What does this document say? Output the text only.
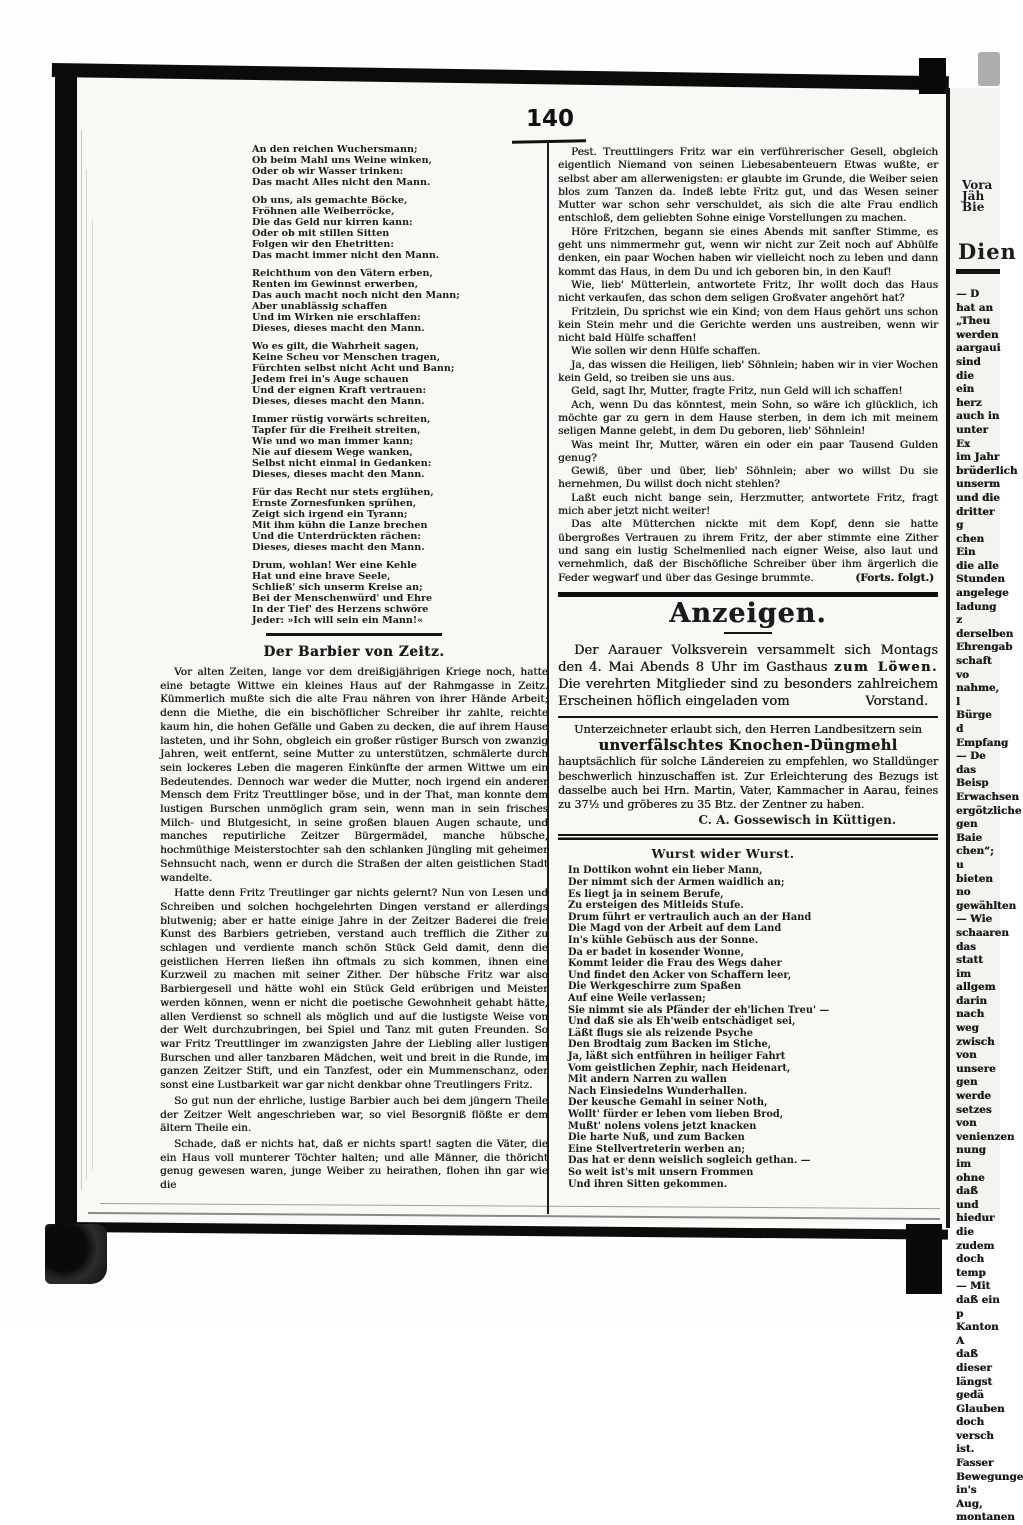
140
An den reichen Wuchersmann;
Ob beim Mahl uns Weine winken,
Oder ob wir Wasser trinken:
Das macht Alles nicht den Mann.
Ob uns, als gemachte Böcke,
Fröhnen alle Weiberröcke,
Die das Geld nur kirren kann:
Oder ob mit stillen Sitten
Folgen wir den Ehetritten:
Das macht immer nicht den Mann.
Reichthum von den Vätern erben,
Renten im Gewinnst erwerben,
Das auch macht noch nicht den Mann;
Aber unablässig schaffen
Und im Wirken nie erschlaffen:
Dieses, dieses macht den Mann.
Wo es gilt, die Wahrheit sagen,
Keine Scheu vor Menschen tragen,
Fürchten selbst nicht Acht und Bann;
Jedem frei in's Auge schauen
Und der eignen Kraft vertrauen:
Dieses, dieses macht den Mann.
Immer rüstig vorwärts schreiten,
Tapfer für die Freiheit streiten,
Wie und wo man immer kann;
Nie auf diesem Wege wanken,
Selbst nicht einmal in Gedanken:
Dieses, dieses macht den Mann.
Für das Recht nur stets erglühen,
Ernste Zornesfunken sprühen,
Zeigt sich irgend ein Tyrann;
Mit ihm kühn die Lanze brechen
Und die Unterdrückten rächen:
Dieses, dieses macht den Mann.
Drum, wohlan! Wer eine Kehle
Hat und eine brave Seele,
Schließ' sich unserm Kreise an;
Bei der Menschenwürd' und Ehre
In der Tief' des Herzens schwöre
Jeder: »Ich will sein ein Mann!«
Der Barbier von Zeitz.
Vor alten Zeiten, lange vor dem dreißigjährigen Kriege noch, hatte eine betagte Wittwe ein kleines Haus auf der Rahmgasse in Zeitz. Kümmerlich mußte sich die alte Frau nähren von ihrer Hände Arbeit; denn die Miethe, die ein bischöflicher Schreiber ihr zahlte, reichte kaum hin, die hohen Gefälle und Gaben zu decken, die auf ihrem Hause lasteten, und ihr Sohn, obgleich ein großer rüstiger Bursch von zwanzig Jahren, weit entfernt, seine Mutter zu unterstützen, schmälerte durch sein lockeres Leben die mageren Einkünfte der armen Wittwe um ein Bedeutendes. Dennoch war weder die Mutter, noch irgend ein anderer Mensch dem Fritz Treuttlinger böse, und in der That, man konnte dem lustigen Burschen unmöglich gram sein, wenn man in sein frisches Milch- und Blutgesicht, in seine großen blauen Augen schaute, und manches reputirliche Zeitzer Bürgermädel, manche hübsche, hochmüthige Meisterstochter sah den schlanken Jüngling mit geheimer Sehnsucht nach, wenn er durch die Straßen der alten geistlichen Stadt wandelte.
Hatte denn Fritz Treutlinger gar nichts gelernt? Nun von Lesen und Schreiben und solchen hochgelehrten Dingen verstand er allerdings blutwenig; aber er hatte einige Jahre in der Zeitzer Baderei die freie Kunst des Barbiers getrieben, verstand auch trefflich die Zither zu schlagen und verdiente manch schön Stück Geld damit, denn die geistlichen Herren ließen ihn oftmals zu sich kommen, ihnen eine Kurzweil zu machen mit seiner Zither. Der hübsche Fritz war also Barbiergesell und hätte wohl ein Stück Geld erübrigen und Meister werden können, wenn er nicht die poetische Gewohnheit gehabt hätte, allen Verdienst so schnell als möglich und auf die lustigste Weise von der Welt durchzubringen, bei Spiel und Tanz mit guten Freunden. So war Fritz Treuttlinger im zwanzigsten Jahre der Liebling aller lustigen Burschen und aller tanzbaren Mädchen, weit und breit in die Runde, im ganzen Zeitzer Stift, und ein Tanzfest, oder ein Mummenschanz, oder sonst eine Lustbarkeit war gar nicht denkbar ohne Treutlingers Fritz.
So gut nun der ehrliche, lustige Barbier auch bei dem jüngern Theile der Zeitzer Welt angeschrieben war, so viel Besorgniß flößte er dem ältern Theile ein.
Schade, daß er nichts hat, daß er nichts spart! sagten die Väter, die ein Haus voll munterer Töchter halten; und alle Männer, die thöricht genug gewesen waren, junge Weiber zu heirathen, flohen ihn gar wie die
Pest. Treuttlingers Fritz war ein verführerischer Gesell, obgleich eigentlich Niemand von seinen Liebesabenteuern Etwas wußte, er selbst aber am allerwenigsten: er glaubte im Grunde, die Weiber seien blos zum Tanzen da. Indeß lebte Fritz gut, und das Wesen seiner Mutter war schon sehr verschuldet, als sich die alte Frau endlich entschloß, dem geliebten Sohne einige Vorstellungen zu machen.
Höre Fritzchen, begann sie eines Abends mit sanfter Stimme, es geht uns nimmermehr gut, wenn wir nicht zur Zeit noch auf Abhülfe denken, ein paar Wochen haben wir vielleicht noch zu leben und dann kommt das Haus, in dem Du und ich geboren bin, in den Kauf!
Wie, lieb' Mütterlein, antwortete Fritz, Ihr wollt doch das Haus nicht verkaufen, das schon dem seligen Großvater angehört hat?
Fritzlein, Du sprichst wie ein Kind; von dem Haus gehört uns schon kein Stein mehr und die Gerichte werden uns austreiben, wenn wir nicht bald Hülfe schaffen!
Wie sollen wir denn Hülfe schaffen.
Ja, das wissen die Heiligen, lieb' Söhnlein; haben wir in vier Wochen kein Geld, so treiben sie uns aus.
Geld, sagt Ihr, Mutter, fragte Fritz, nun Geld will ich schaffen!
Ach, wenn Du das könntest, mein Sohn, so wäre ich glücklich, ich möchte gar zu gern in dem Hause sterben, in dem ich mit meinem seligen Manne gelebt, in dem Du geboren, lieb' Söhnlein!
Was meint Ihr, Mutter, wären ein oder ein paar Tausend Gulden genug?
Gewiß, über und über, lieb' Söhnlein; aber wo willst Du sie hernehmen, Du willst doch nicht stehlen?
Laßt euch nicht bange sein, Herzmutter, antwortete Fritz, fragt mich aber jetzt nicht weiter!
Das alte Mütterchen nickte mit dem Kopf, denn sie hatte übergroßes Vertrauen zu ihrem Fritz, der aber stimmte eine Zither und sang ein lustig Schelmenlied nach eigner Weise, also laut und vernehmlich, daß der Bischöfliche Schreiber über ihm ärgerlich die Feder wegwarf und über das Gesinge brummte.	(Forts. folgt.)
Anzeigen.
Der Aarauer Volksverein versammelt sich Montags den 4. Mai Abends 8 Uhr im Gasthaus zum Löwen. Die verehrten Mitglieder sind zu besonders zahlreichem Erscheinen höflich eingeladen vom	Vorstand.
Unterzeichneter erlaubt sich, den Herren Landbesitzern sein
unverfälschtes Knochen-Düngmehl
hauptsächlich für solche Ländereien zu empfehlen, wo Stalldünger beschwerlich hinzuschaffen ist. Zur Erleichterung des Bezugs ist dasselbe auch bei Hrn. Martin, Vater, Kammacher in Aarau, feines zu 37½ und gröberes zu 35 Btz. der Zentner zu haben.
C. A. Gossewisch in Küttigen.
Wurst wider Wurst.
In Dottikon wohnt ein lieber Mann,
Der nimmt sich der Armen waidlich an;
Es liegt ja in seinem Berufe,
Zu ersteigen des Mitleids Stufe.
Drum führt er vertraulich auch an der Hand
Die Magd von der Arbeit auf dem Land
In's kühle Gebüsch aus der Sonne.
Da er badet in kosender Wonne,
Kommt leider die Frau des Wegs daher
Und findet den Acker von Schaffern leer,
Die Werkgeschirre zum Spaßen
Auf eine Weile verlassen;
Sie nimmt sie als Pfänder der eh'lichen Treu' —
Und daß sie als Eh'weib entschädiget sei,
Läßt flugs sie als reizende Psyche
Den Brodtaig zum Backen im Stiche,
Ja, läßt sich entführen in heiliger Fahrt
Vom geistlichen Zephir, nach Heidenart,
Mit andern Narren zu wallen
Nach Einsiedelns Wunderhallen.
Der keusche Gemahl in seiner Noth,
Wollt' fürder er leben vom lieben Brod,
Mußt' nolens volens jetzt knacken
Die harte Nuß, und zum Backen
Eine Stellvertreterin werben an;
Das hat er denn weislich sogleich gethan. —
So weit ist's mit unsern Frommen
Und ihren Sitten gekommen.
Vora
Jäh
Bie
Dien
— D
hat an
„Theu
werden
aargaui
sind die
ein herz
auch in
unter Ex
im Jahr
brüderlich
unserm
und die
dritter g
chen Ein
die alle
Stunden
angelege
ladung z
derselben
Ehrengab
schaft vo
nahme, l
Bürge d
Empfang
— De
das Beisp
Erwachsen
ergötzliche
gen Baie
chen“; u
bieten no
gewählten
— Wie
schaaren
das statt
im allgem
darin nach
weg zwisch
von unsere
gen werde
setzes von
venienzen
nung im
ohne daß
und hiedur
die zudem
doch temp
— Mit
daß ein p
Kanton A
daß dieser
längst gedä
Glauben
doch versch
ist. Fasser
Bewegunge
in's Aug,
montanen
